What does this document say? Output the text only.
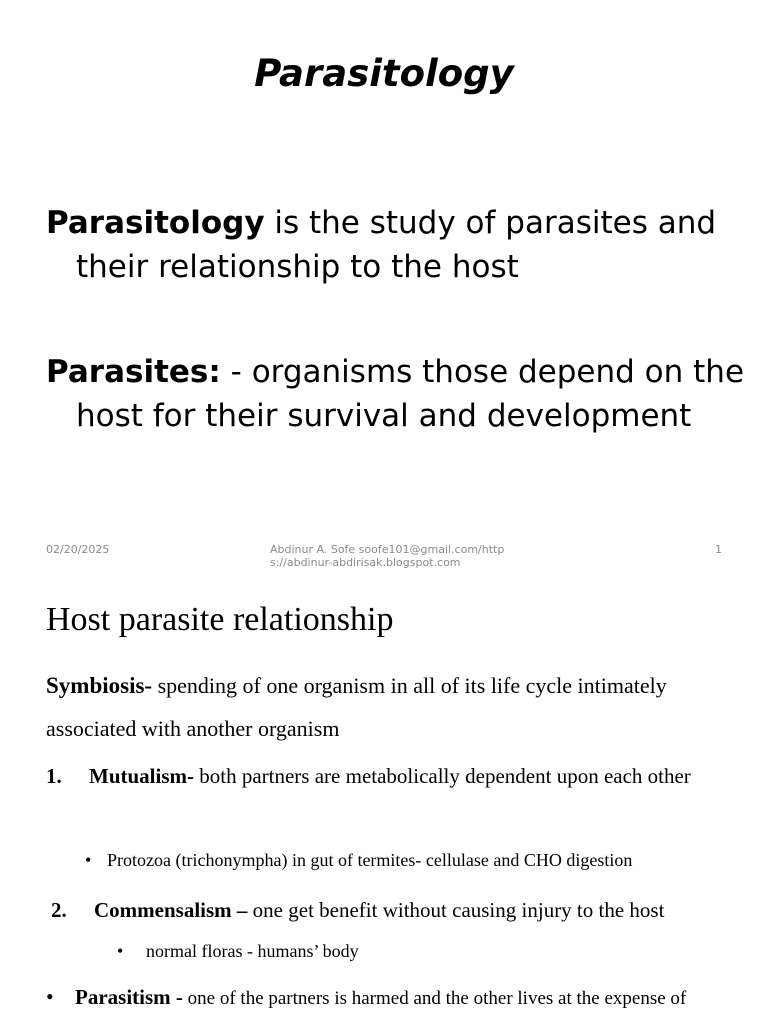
Parasitology

Parasitology is the study of parasites and their relationship to the host

Parasites: - organisms those depend on the host for their survival and development

02/20/2025	Abdinur A. Sofe soofe101@gmail.com/http
s://abdinur-abdirisak.blogspot.com
1
Host parasite relationship

Symbiosis- spending of one organism in all of its life cycle intimately associated with another organism

1.	Mutualism- both partners are metabolically dependent upon each other
• Protozoa (trichonympha) in gut of termites- cellulase and CHO digestion
2.	Commensalism – one get benefit without causing injury to the host
•	normal floras - humans’ body
•	Parasitism - one of the partners is harmed and the other lives at the expense of
